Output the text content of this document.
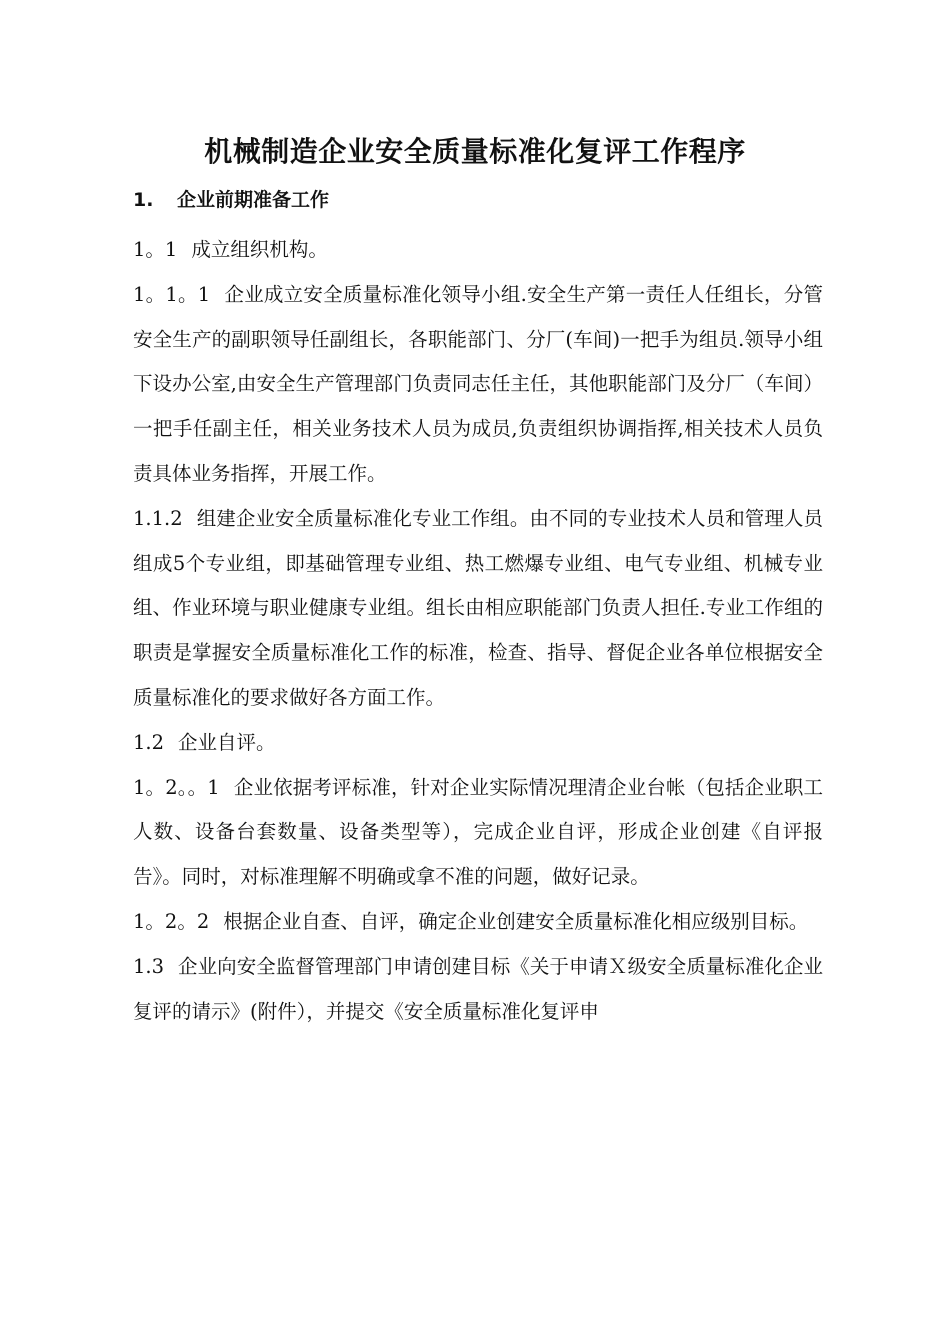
机械制造企业安全质量标准化复评工作程序
1. 企业前期准备工作

1。1 成立组织机构。

1。1。1 企业成立安全质量标准化领导小组.安全生产第一责任人任组长，分管安全生产的副职领导任副组长，各职能部门、分厂(车间)一把手为组员.领导小组下设办公室,由安全生产管理部门负责同志任主任，其他职能部门及分厂（车间）一把手任副主任，相关业务技术人员为成员,负责组织协调指挥,相关技术人员负责具体业务指挥，开展工作。

1.1.2 组建企业安全质量标准化专业工作组。由不同的专业技术人员和管理人员组成5个专业组，即基础管理专业组、热工燃爆专业组、电气专业组、机械专业组、作业环境与职业健康专业组。组长由相应职能部门负责人担任.专业工作组的职责是掌握安全质量标准化工作的标准，检查、指导、督促企业各单位根据安全质量标准化的要求做好各方面工作。

1.2 企业自评。

1。2。。1 企业依据考评标准，针对企业实际情况理清企业台帐（包括企业职工人数、设备台套数量、设备类型等），完成企业自评，形成企业创建《自评报告》。同时，对标准理解不明确或拿不准的问题，做好记录。

1。2。2 根据企业自查、自评，确定企业创建安全质量标准化相应级别目标。

1.3 企业向安全监督管理部门申请创建目标《关于申请Ｘ级安全质量标准化企业复评的请示》(附件），并提交《安全质量标准化复评申
